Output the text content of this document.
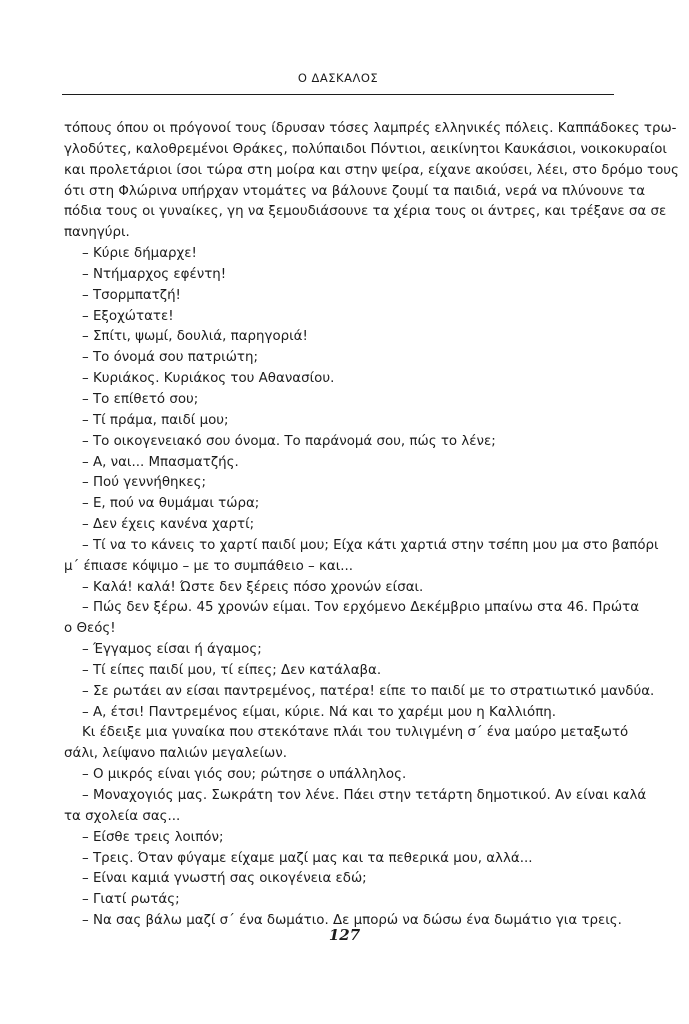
Ο ΔΑΣΚΑΛΟΣ
τόπους όπου οι πρόγονοί τους ίδρυσαν τόσες λαμπρές ελληνικές πόλεις. Καππάδοκες τρω-
γλοδύτες, καλοθρεμένοι Θράκες, πολύπαιδοι Πόντιοι, αεικίνητοι Καυκάσιοι, νοικοκυραίοι
και προλετάριοι ίσοι τώρα στη μοίρα και στην ψείρα, είχανε ακούσει, λέει, στο δρόμο τους
ότι στη Φλώρινα υπήρχαν ντομάτες να βάλουνε ζουμί τα παιδιά, νερά να πλύνουνε τα
πόδια τους οι γυναίκες, γη να ξεμουδιάσουνε τα χέρια τους οι άντρες, και τρέξανε σα σε
πανηγύρι.
– Κύριε δήμαρχε!
– Ντήμαρχος εφέντη!
– Τσορμπατζή!
– Εξοχώτατε!
– Σπίτι, ψωμί, δουλιά, παρηγοριά!
– Το όνομά σου πατριώτη;
– Κυριάκος. Κυριάκος του Αθανασίου.
– Το επίθετό σου;
– Τί πράμα, παιδί μου;
– Το οικογενειακό σου όνομα. Το παράνομά σου, πώς το λένε;
– Α, ναι... Μπασματζής.
– Πού γεννήθηκες;
– Ε, πού να θυμάμαι τώρα;
– Δεν έχεις κανένα χαρτί;
– Τί να το κάνεις το χαρτί παιδί μου; Είχα κάτι χαρτιά στην τσέπη μου μα στο βαπόρι
μ΄ έπιασε κόψιμο – με το συμπάθειο – και...
– Καλά! καλά! Ώστε δεν ξέρεις πόσο χρονών είσαι.
– Πώς δεν ξέρω. 45 χρονών είμαι. Τον ερχόμενο Δεκέμβριο μπαίνω στα 46. Πρώτα
ο Θεός!
– Έγγαμος είσαι ή άγαμος;
– Τί είπες παιδί μου, τί είπες; Δεν κατάλαβα.
– Σε ρωτάει αν είσαι παντρεμένος, πατέρα! είπε το παιδί με το στρατιωτικό μανδύα.
– Α, έτσι! Παντρεμένος είμαι, κύριε. Νά και το χαρέμι μου η Καλλιόπη.
Κι έδειξε μια γυναίκα που στεκότανε πλάι του τυλιγμένη σ΄ ένα μαύρο μεταξωτό
σάλι, λείψανο παλιών μεγαλείων.
– Ο μικρός είναι γιός σου; ρώτησε ο υπάλληλος.
– Μοναχογιός μας. Σωκράτη τον λένε. Πάει στην τετάρτη δημοτικού. Αν είναι καλά
τα σχολεία σας...
– Είσθε τρεις λοιπόν;
– Τρεις. Όταν φύγαμε είχαμε μαζί μας και τα πεθερικά μου, αλλά...
– Είναι καμιά γνωστή σας οικογένεια εδώ;
– Γιατί ρωτάς;
– Να σας βάλω μαζί σ΄ ένα δωμάτιο. Δε μπορώ να δώσω ένα δωμάτιο για τρεις.
127
